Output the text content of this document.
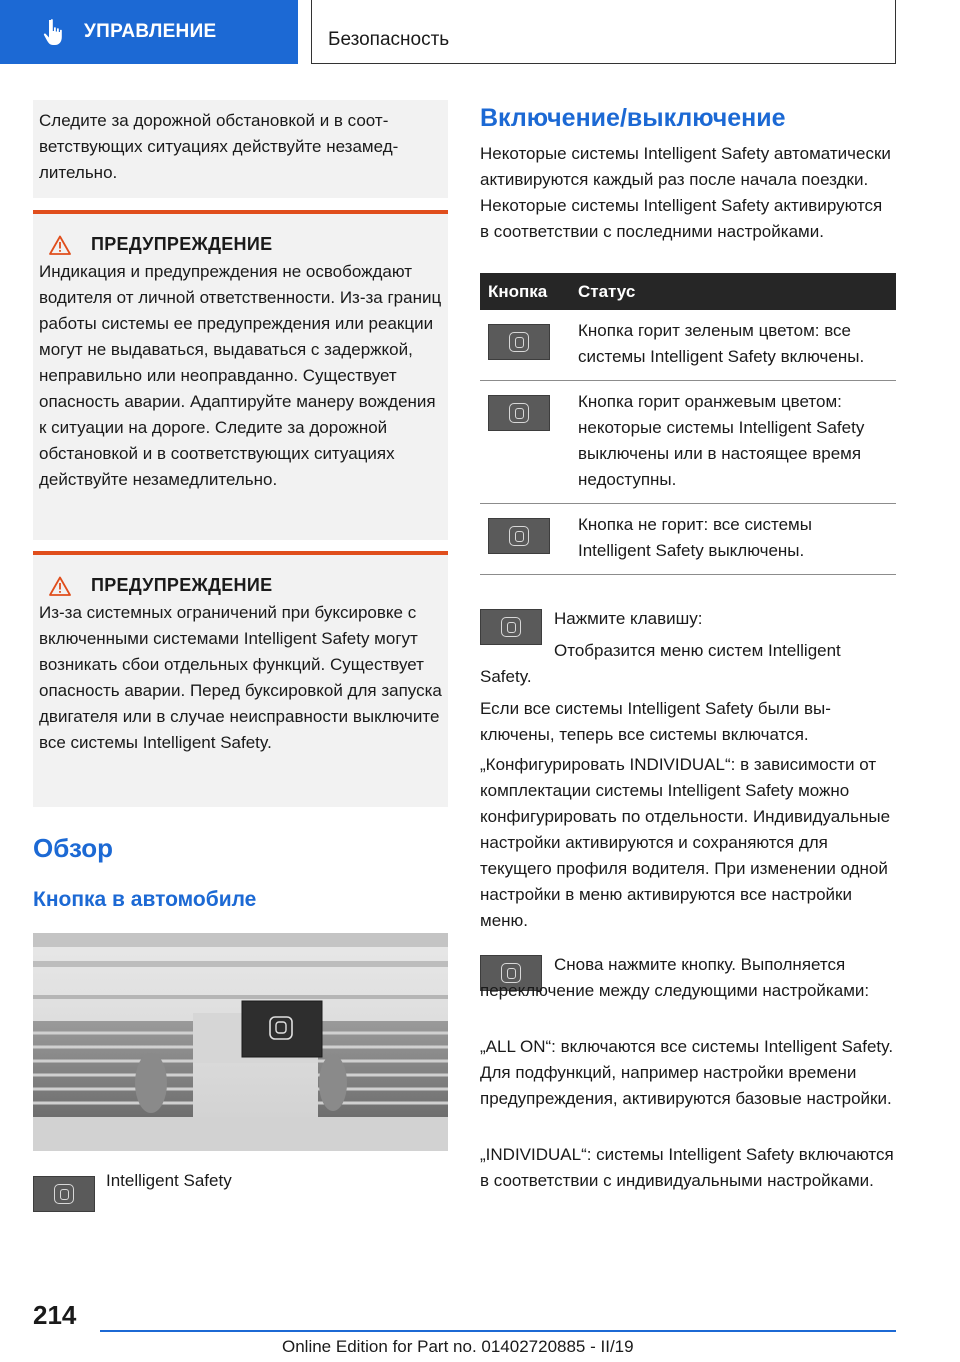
УПРАВЛЕНИЕ	Безопасность

Следите за дорожной обстановкой и в соответствующих ситуациях действуйте незамедлительно.

ПРЕДУПРЕЖДЕНИЕ

Индикация и предупреждения не освобождают водителя от личной ответственности. Из-за границ работы системы ее предупреждения или реакции могут не выдаваться, выдаваться с задержкой, неправильно или неоправданно. Существует опасность аварии. Адаптируйте манеру вождения к ситуации на дороге. Следите за дорожной обстановкой и в соответствующих ситуациях действуйте незамедлительно.

ПРЕДУПРЕЖДЕНИЕ

Из-за системных ограничений при буксировке с включенными системами Intelligent Safety могут возникать сбои отдельных функций. Существует опасность аварии. Перед буксировкой для запуска двигателя или в случае неисправности выключите все системы Intelligent Safety.

Обзор
Кнопка в автомобиле
Intelligent Safety
Включение/выключение

Некоторые системы Intelligent Safety автоматически активируются каждый раз после начала поездки. Некоторые системы Intelligent Safety активируются в соответствии с последними настройками.

Кнопка	Статус

	Кнопка горит зеленым цветом: все системы Intelligent Safety включены.

	Кнопка горит оранжевым цветом: некоторые системы Intelligent Safety выключены или в настоящее время недоступны.

	Кнопка не горит: все системы Intelligent Safety выключены.

Нажмите клавишу:

Отобразится меню систем Intelligent Safety.

Если все системы Intelligent Safety были выключены, теперь все системы включатся.

„Конфигурировать INDIVIDUAL“: в зависимости от комплектации системы Intelligent Safety можно конфигурировать по отдельности. Индивидуальные настройки активируются и сохраняются для текущего профиля водителя. При изменении одной настройки в меню активируются все настройки меню.

Снова нажмите кнопку. Выполняется переключение между следующими настройками:

„ALL ON“: включаются все системы Intelligent Safety. Для подфункций, например настройки времени предупреждения, активируются базовые настройки.

„INDIVIDUAL“: системы Intelligent Safety включаются в соответствии с индивидуальными настройками.

214
Online Edition for Part no. 01402720885 - II/19
